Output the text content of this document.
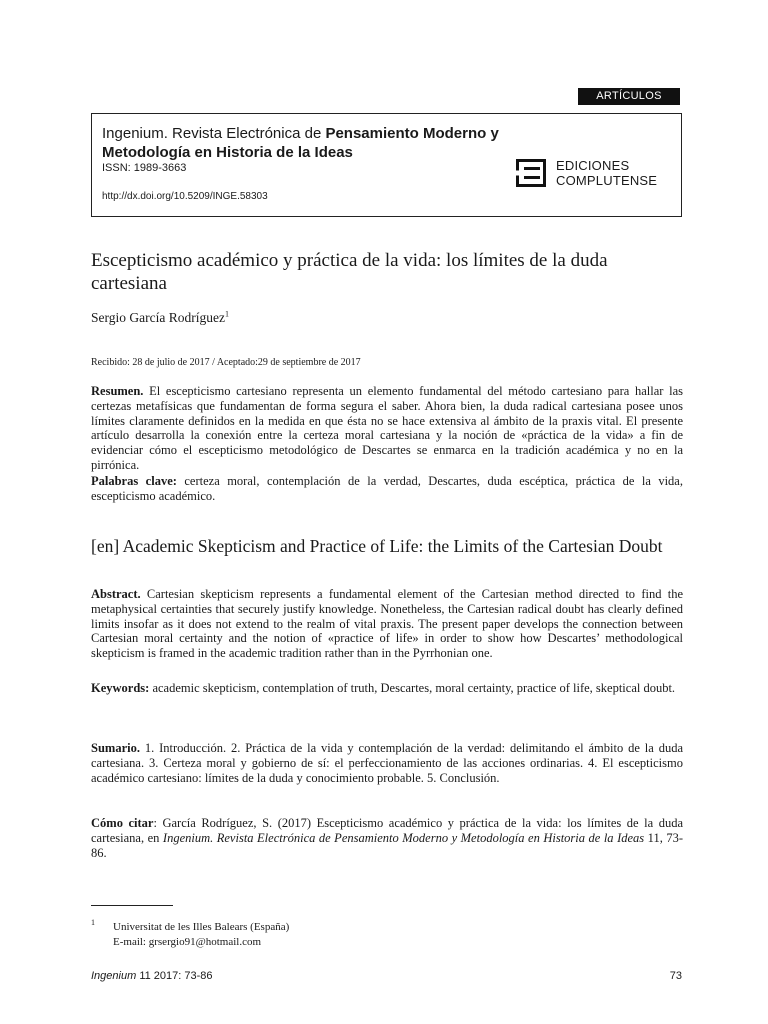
ARTÍCULOS
Ingenium. Revista Electrónica de Pensamiento Moderno y Metodología en Historia de la Ideas
ISSN: 1989-3663
http://dx.doi.org/10.5209/INGE.58303
EDICIONES
COMPLUTENSE
Escepticismo académico y práctica de la vida: los límites de la duda cartesiana
Sergio García Rodríguez$^1$
Recibido: 28 de julio de 2017 / Aceptado:29 de septiembre de 2017
Resumen. El escepticismo cartesiano representa un elemento fundamental del método cartesiano para hallar las certezas metafísicas que fundamentan de forma segura el saber. Ahora bien, la duda radical cartesiana posee unos límites claramente definidos en la medida en que ésta no se hace extensiva al ámbito de la praxis vital. El presente artículo desarrolla la conexión entre la certeza moral cartesiana y la noción de «práctica de la vida» a fin de evidenciar cómo el escepticismo metodológico de Descartes se enmarca en la tradición académica y no en la pirrónica.
Palabras clave: certeza moral, contemplación de la verdad, Descartes, duda escéptica, práctica de la vida, escepticismo académico.
[en] Academic Skepticism and Practice of Life: the Limits of the Cartesian Doubt
Abstract. Cartesian skepticism represents a fundamental element of the Cartesian method directed to find the metaphysical certainties that securely justify knowledge. Nonetheless, the Cartesian radical doubt has clearly defined limits insofar as it does not extend to the realm of vital praxis. The present paper develops the connection between Cartesian moral certainty and the notion of «practice of life» in order to show how Descartes’ methodological skepticism is framed in the academic tradition rather than in the Pyrrhonian one.
Keywords: academic skepticism, contemplation of truth, Descartes, moral certainty, practice of life, skeptical doubt.
Sumario. 1. Introducción. 2. Práctica de la vida y contemplación de la verdad: delimitando el ámbito de la duda cartesiana. 3. Certeza moral y gobierno de sí: el perfeccionamiento de las acciones ordinarias. 4. El escepticismo académico cartesiano: límites de la duda y conocimiento probable. 5. Conclusión.
Cómo citar: García Rodríguez, S. (2017) Escepticismo académico y práctica de la vida: los límites de la duda cartesiana, en Ingenium. Revista Electrónica de Pensamiento Moderno y Metodología en Historia de la Ideas 11, 73-86.
1 Universitat de les Illes Balears (España)
E-mail: grsergio91@hotmail.com
Ingenium 11 2017: 73-86	73
